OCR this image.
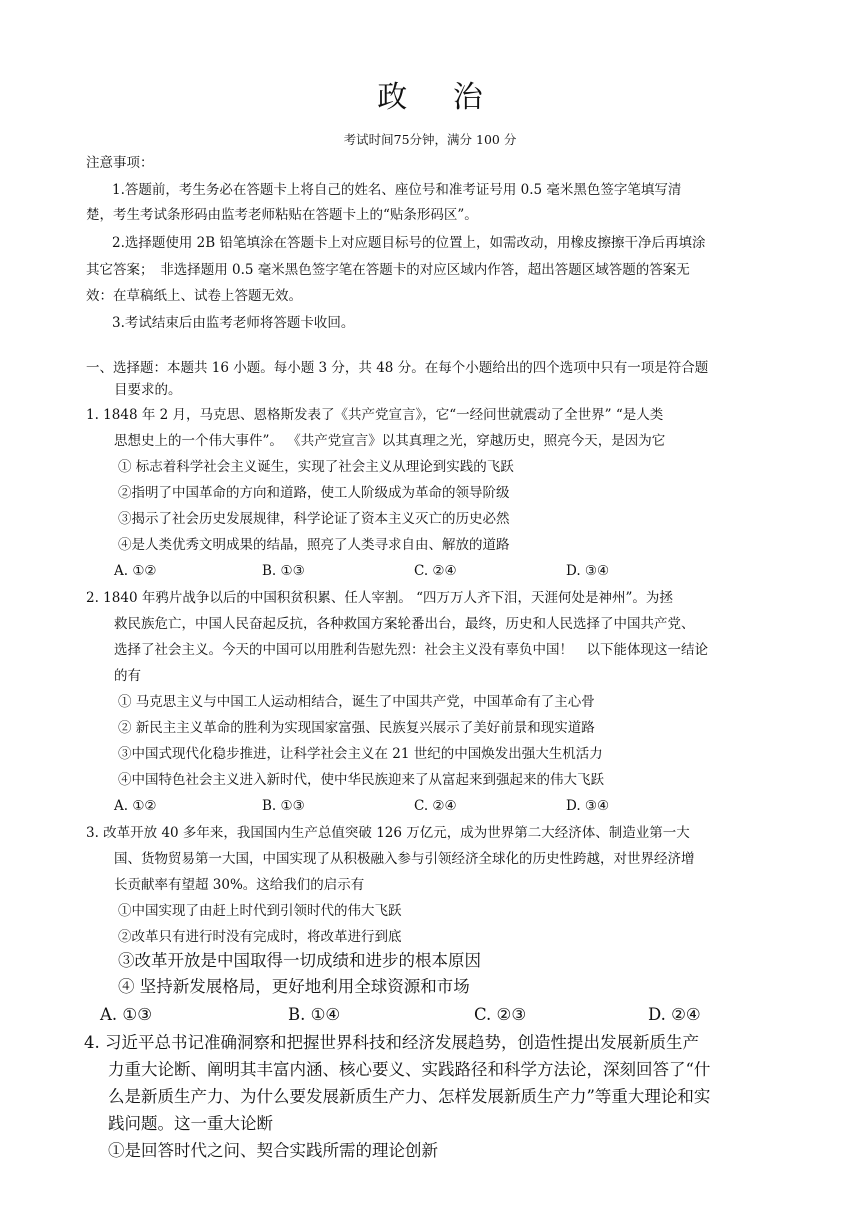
政 治
考试时间75分钟，满分 100 分
注意事项：
1.答题前，考生务必在答题卡上将自己的姓名、座位号和准考证号用 0.5 毫米黑色签字笔填写清
楚，考生考试条形码由监考老师粘贴在答题卡上的“贴条形码区”。
2.选择题使用 2B 铅笔填涂在答题卡上对应题目标号的位置上，如需改动，用橡皮擦擦干净后再填涂
其它答案；　非选择题用 0.5 毫米黑色签字笔在答题卡的对应区域内作答，超出答题区域答题的答案无
效：在草稿纸上、试卷上答题无效。
3.考试结束后由监考老师将答题卡收回。
一、选择题：本题共 16 小题。每小题 3 分，共 48 分。在每个小题给出的四个选项中只有一项是符合题
目要求的。
1. 1848 年 2 月，马克思、恩格斯发表了《共产党宣言》，它“一经问世就震动了全世界” “是人类
思想史上的一个伟大事件”。 《共产党宣言》以其真理之光，穿越历史，照亮今天，是因为它
① 标志着科学社会主义诞生，实现了社会主义从理论到实践的飞跃
②指明了中国革命的方向和道路，使工人阶级成为革命的领导阶级
③揭示了社会历史发展规律，科学论证了资本主义灭亡的历史必然
④是人类优秀文明成果的结晶，照亮了人类寻求自由、解放的道路
A. ①②	B. ①③	C. ②④	D. ③④
2. 1840 年鸦片战争以后的中国积贫积累、任人宰割。 “四万万人齐下泪，天涯何处是神州”。为拯
救民族危亡，中国人民奋起反抗，各种救国方案轮番出台，最终，历史和人民选择了中国共产党、
选择了社会主义。今天的中国可以用胜利告慰先烈：社会主义没有辜负中国！　以下能体现这一结论
的有
① 马克思主义与中国工人运动相结合，诞生了中国共产党，中国革命有了主心骨
② 新民主主义革命的胜利为实现国家富强、民族复兴展示了美好前景和现实道路
③中国式现代化稳步推进，让科学社会主义在 21 世纪的中国焕发出强大生机活力
④中国特色社会主义进入新时代，使中华民族迎来了从富起来到强起来的伟大飞跃
A. ①②	B. ①③	C. ②④	D. ③④
3. 改革开放 40 多年来，我国国内生产总值突破 126 万亿元，成为世界第二大经济体、制造业第一大
国、货物贸易第一大国，中国实现了从积极融入参与引领经济全球化的历史性跨越，对世界经济增
长贡献率有望超 30%。这给我们的启示有
①中国实现了由赶上时代到引领时代的伟大飞跃
②改革只有进行时没有完成时，将改革进行到底
③改革开放是中国取得一切成绩和进步的根本原因
④ 坚持新发展格局，更好地利用全球资源和市场
A. ①③	B. ①④	C. ②③	D. ②④
4. 习近平总书记准确洞察和把握世界科技和经济发展趋势，创造性提出发展新质生产
力重大论断、阐明其丰富内涵、核心要义、实践路径和科学方法论，深刻回答了“什
么是新质生产力、为什么要发展新质生产力、怎样发展新质生产力”等重大理论和实
践问题。这一重大论断
①是回答时代之问、契合实践所需的理论创新
